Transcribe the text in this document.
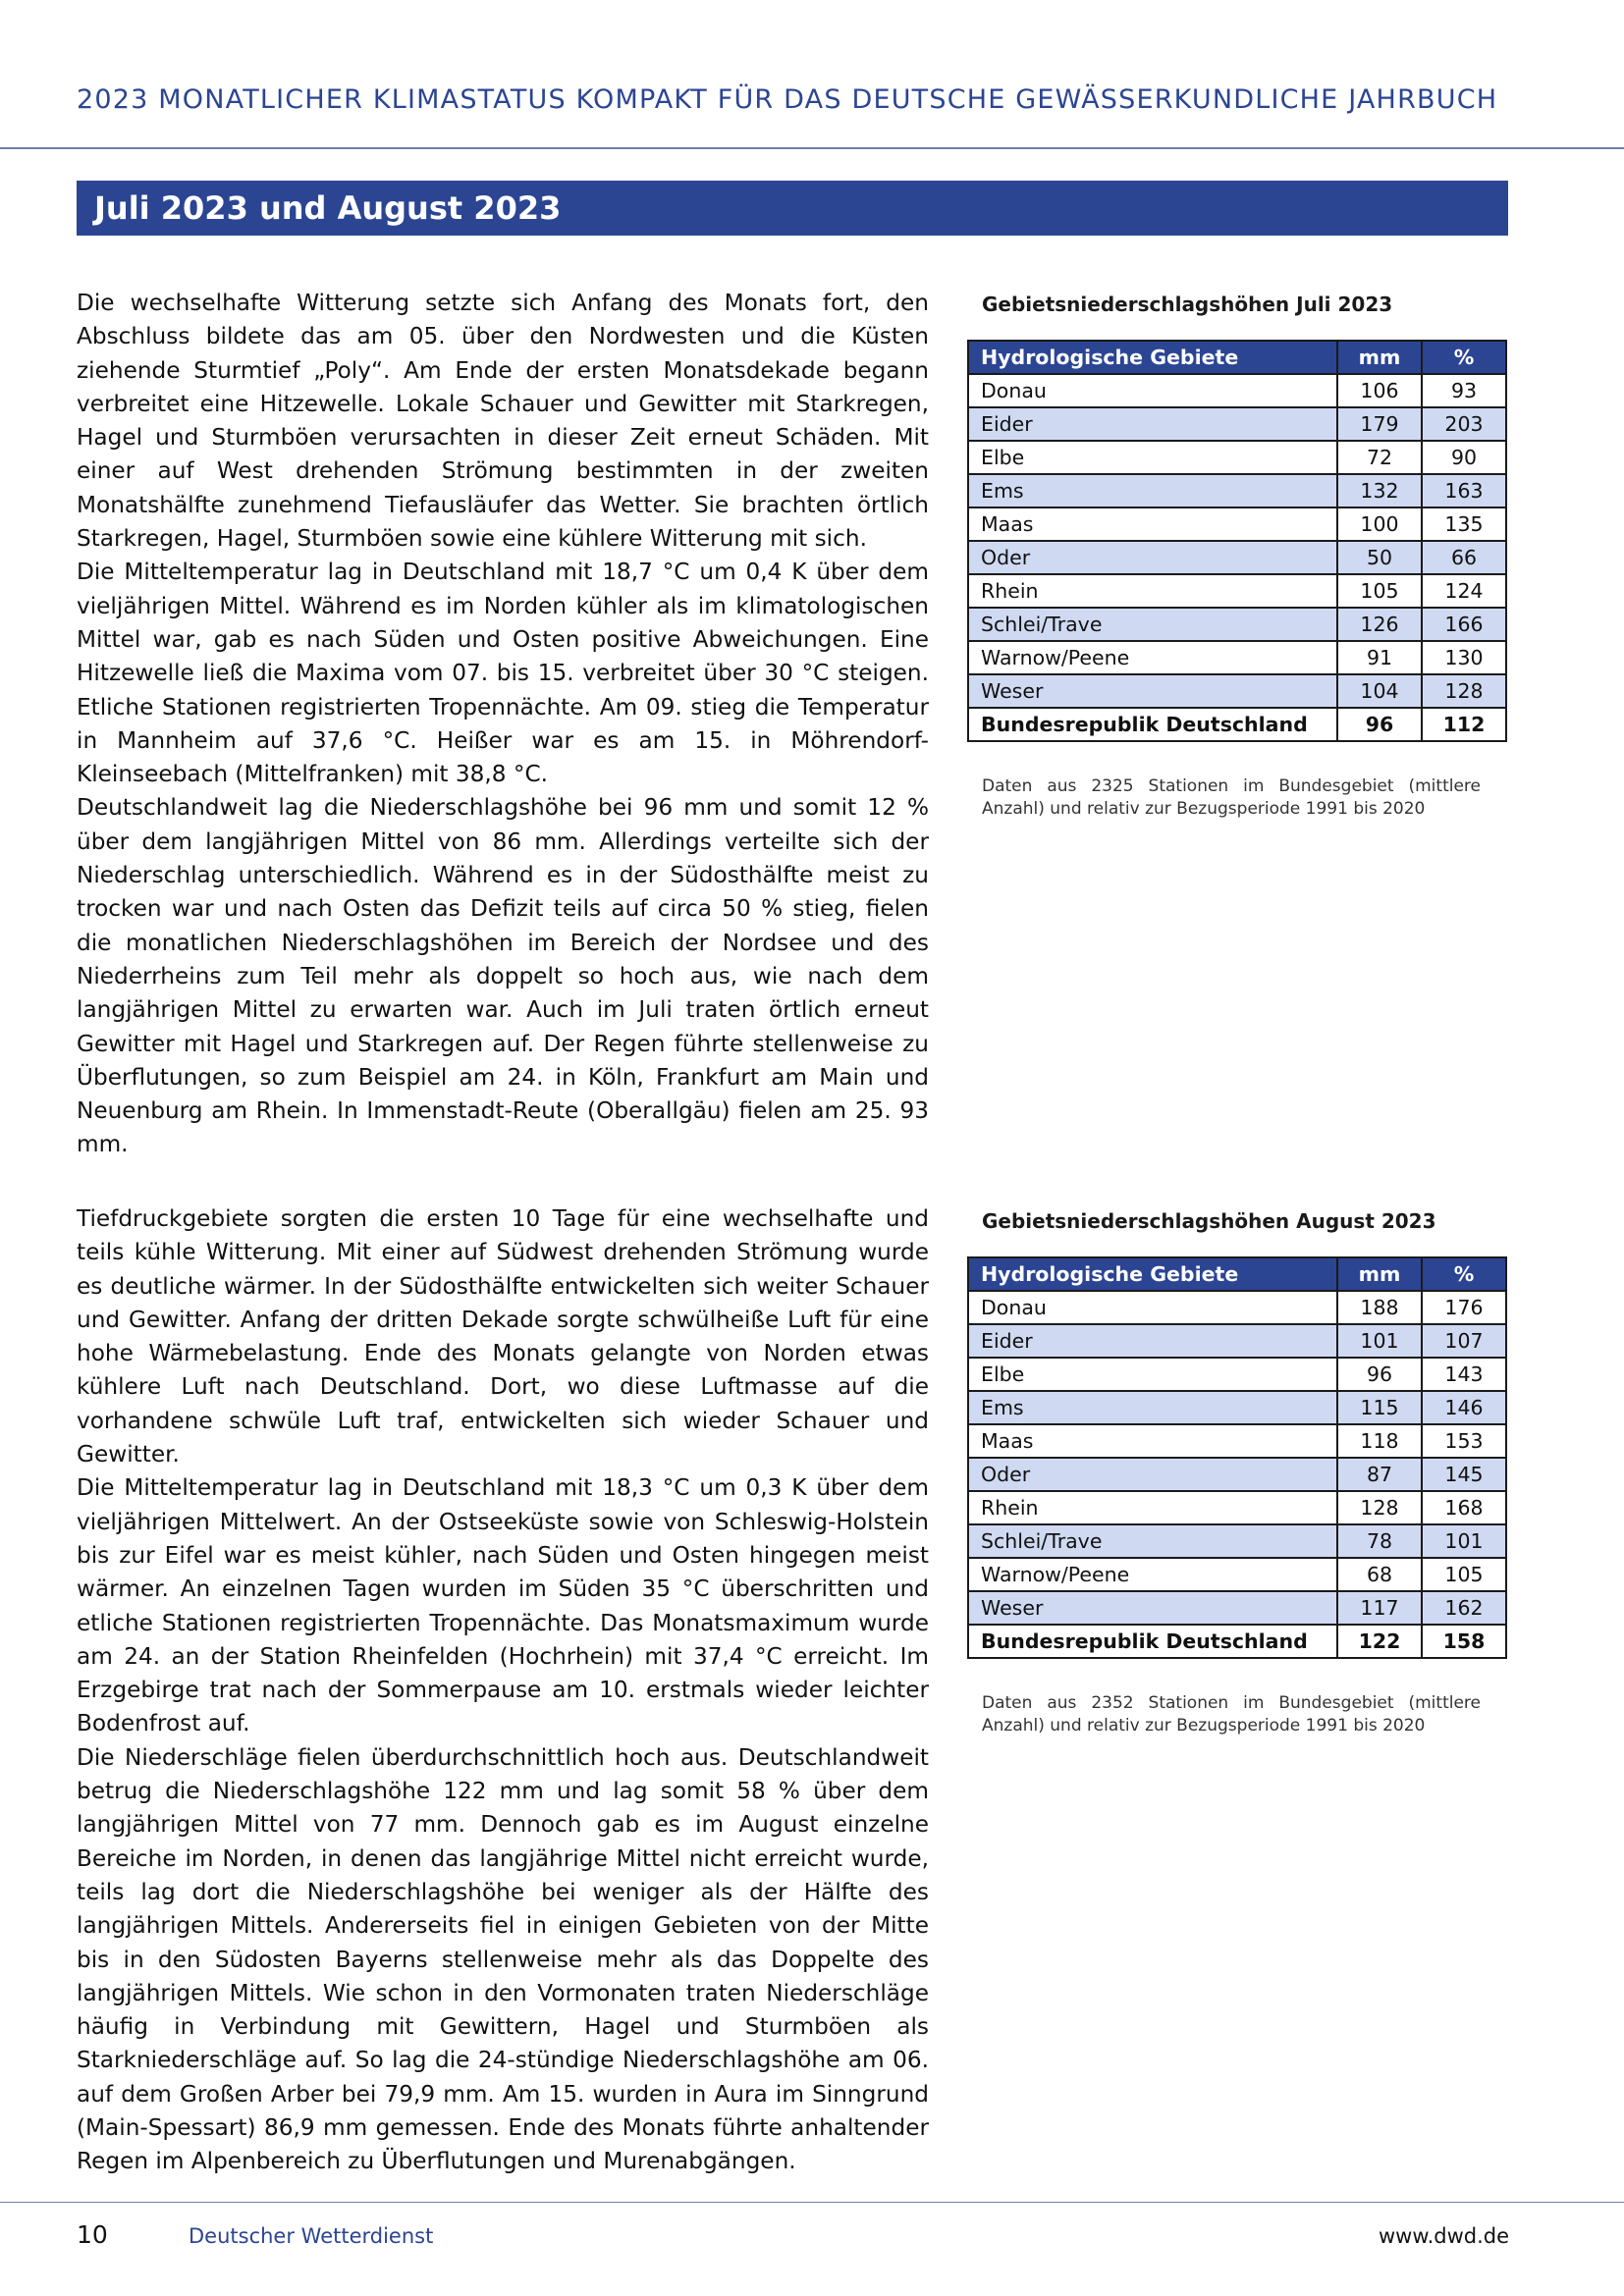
2023 MONATLICHER KLIMASTATUS KOMPAKT FÜR DAS DEUTSCHE GEWÄSSERKUNDLICHE JAHRBUCH
Juli 2023 und August 2023

Die wechselhafte Witterung setzte sich Anfang des Monats fort, den Abschluss bildete das am 05. über den Nordwesten und die Küsten ziehende Sturmtief „Poly“. Am Ende der ersten Monatsdekade begann verbreitet eine Hitzewelle. Lokale Schauer und Gewitter mit Starkregen, Hagel und Sturmböen verursachten in dieser Zeit erneut Schäden. Mit einer auf West drehenden Strömung bestimmten in der zweiten Monatshälfte zunehmend Tiefausläufer das Wetter. Sie brachten örtlich Starkregen, Hagel, Sturmböen sowie eine kühlere Witterung mit sich.

Die Mitteltemperatur lag in Deutschland mit 18,7 °C um 0,4 K über dem vieljährigen Mittel. Während es im Norden kühler als im klimatologischen Mittel war, gab es nach Süden und Osten positive Abweichungen. Eine Hitzewelle ließ die Maxima vom 07. bis 15. verbreitet über 30 °C steigen. Etliche Stationen registrierten Tropennächte. Am 09. stieg die Temperatur in Mannheim auf 37,6 °C. Heißer war es am 15. in Möhrendorf-Kleinseebach (Mittelfranken) mit 38,8 °C.

Deutschlandweit lag die Niederschlagshöhe bei 96 mm und somit 12 % über dem langjährigen Mittel von 86 mm. Allerdings verteilte sich der Niederschlag unterschiedlich. Während es in der Südosthälfte meist zu trocken war und nach Osten das Defizit teils auf circa 50 % stieg, fielen die monatlichen Niederschlagshöhen im Bereich der Nordsee und des Niederrheins zum Teil mehr als doppelt so hoch aus, wie nach dem langjährigen Mittel zu erwarten war. Auch im Juli traten örtlich erneut Gewitter mit Hagel und Starkregen auf. Der Regen führte stellenweise zu Überflutungen, so zum Beispiel am 24. in Köln, Frankfurt am Main und Neuenburg am Rhein. In Immenstadt-Reute (Oberallgäu) fielen am 25. 93 mm.

Gebietsniederschlagshöhen Juli 2023
Hydrologische Gebiete	mm	%
Donau	106	93
Eider	179	203
Elbe	72	90
Ems	132	163
Maas	100	135
Oder	50	66
Rhein	105	124
Schlei/Trave	126	166
Warnow/Peene	91	130
Weser	104	128
Bundesrepublik Deutschland	96	112
Daten aus 2325 Stationen im Bundesgebiet (mittlere Anzahl) und relativ zur Bezugsperiode 1991 bis 2020

Tiefdruckgebiete sorgten die ersten 10 Tage für eine wechselhafte und teils kühle Witterung. Mit einer auf Südwest drehenden Strömung wurde es deutliche wärmer. In der Südosthälfte entwickelten sich weiter Schauer und Gewitter. Anfang der dritten Dekade sorgte schwülheiße Luft für eine hohe Wärmebelastung. Ende des Monats gelangte von Norden etwas kühlere Luft nach Deutschland. Dort, wo diese Luftmasse auf die vorhandene schwüle Luft traf, entwickelten sich wieder Schauer und Gewitter.

Die Mitteltemperatur lag in Deutschland mit 18,3 °C um 0,3 K über dem vieljährigen Mittelwert. An der Ostseeküste sowie von Schleswig-Holstein bis zur Eifel war es meist kühler, nach Süden und Osten hingegen meist wärmer. An einzelnen Tagen wurden im Süden 35 °C überschritten und etliche Stationen registrierten Tropennächte. Das Monatsmaximum wurde am 24. an der Station Rheinfelden (Hochrhein) mit 37,4 °C erreicht. Im Erzgebirge trat nach der Sommerpause am 10. erstmals wieder leichter Bodenfrost auf.

Die Niederschläge fielen überdurchschnittlich hoch aus. Deutschlandweit betrug die Niederschlagshöhe 122 mm und lag somit 58 % über dem langjährigen Mittel von 77 mm. Dennoch gab es im August einzelne Bereiche im Norden, in denen das langjährige Mittel nicht erreicht wurde, teils lag dort die Niederschlagshöhe bei weniger als der Hälfte des langjährigen Mittels. Andererseits fiel in einigen Gebieten von der Mitte bis in den Südosten Bayerns stellenweise mehr als das Doppelte des langjährigen Mittels. Wie schon in den Vormonaten traten Niederschläge häufig in Verbindung mit Gewittern, Hagel und Sturmböen als Starkniederschläge auf. So lag die 24-stündige Niederschlagshöhe am 06. auf dem Großen Arber bei 79,9 mm. Am 15. wurden in Aura im Sinngrund (Main-Spessart) 86,9 mm gemessen. Ende des Monats führte anhaltender Regen im Alpenbereich zu Überflutungen und Murenabgängen.

Gebietsniederschlagshöhen August 2023
Hydrologische Gebiete	mm	%
Donau	188	176
Eider	101	107
Elbe	96	143
Ems	115	146
Maas	118	153
Oder	87	145
Rhein	128	168
Schlei/Trave	78	101
Warnow/Peene	68	105
Weser	117	162
Bundesrepublik Deutschland	122	158
Daten aus 2352 Stationen im Bundesgebiet (mittlere Anzahl) und relativ zur Bezugsperiode 1991 bis 2020
10	Deutscher Wetterdienst	www.dwd.de
